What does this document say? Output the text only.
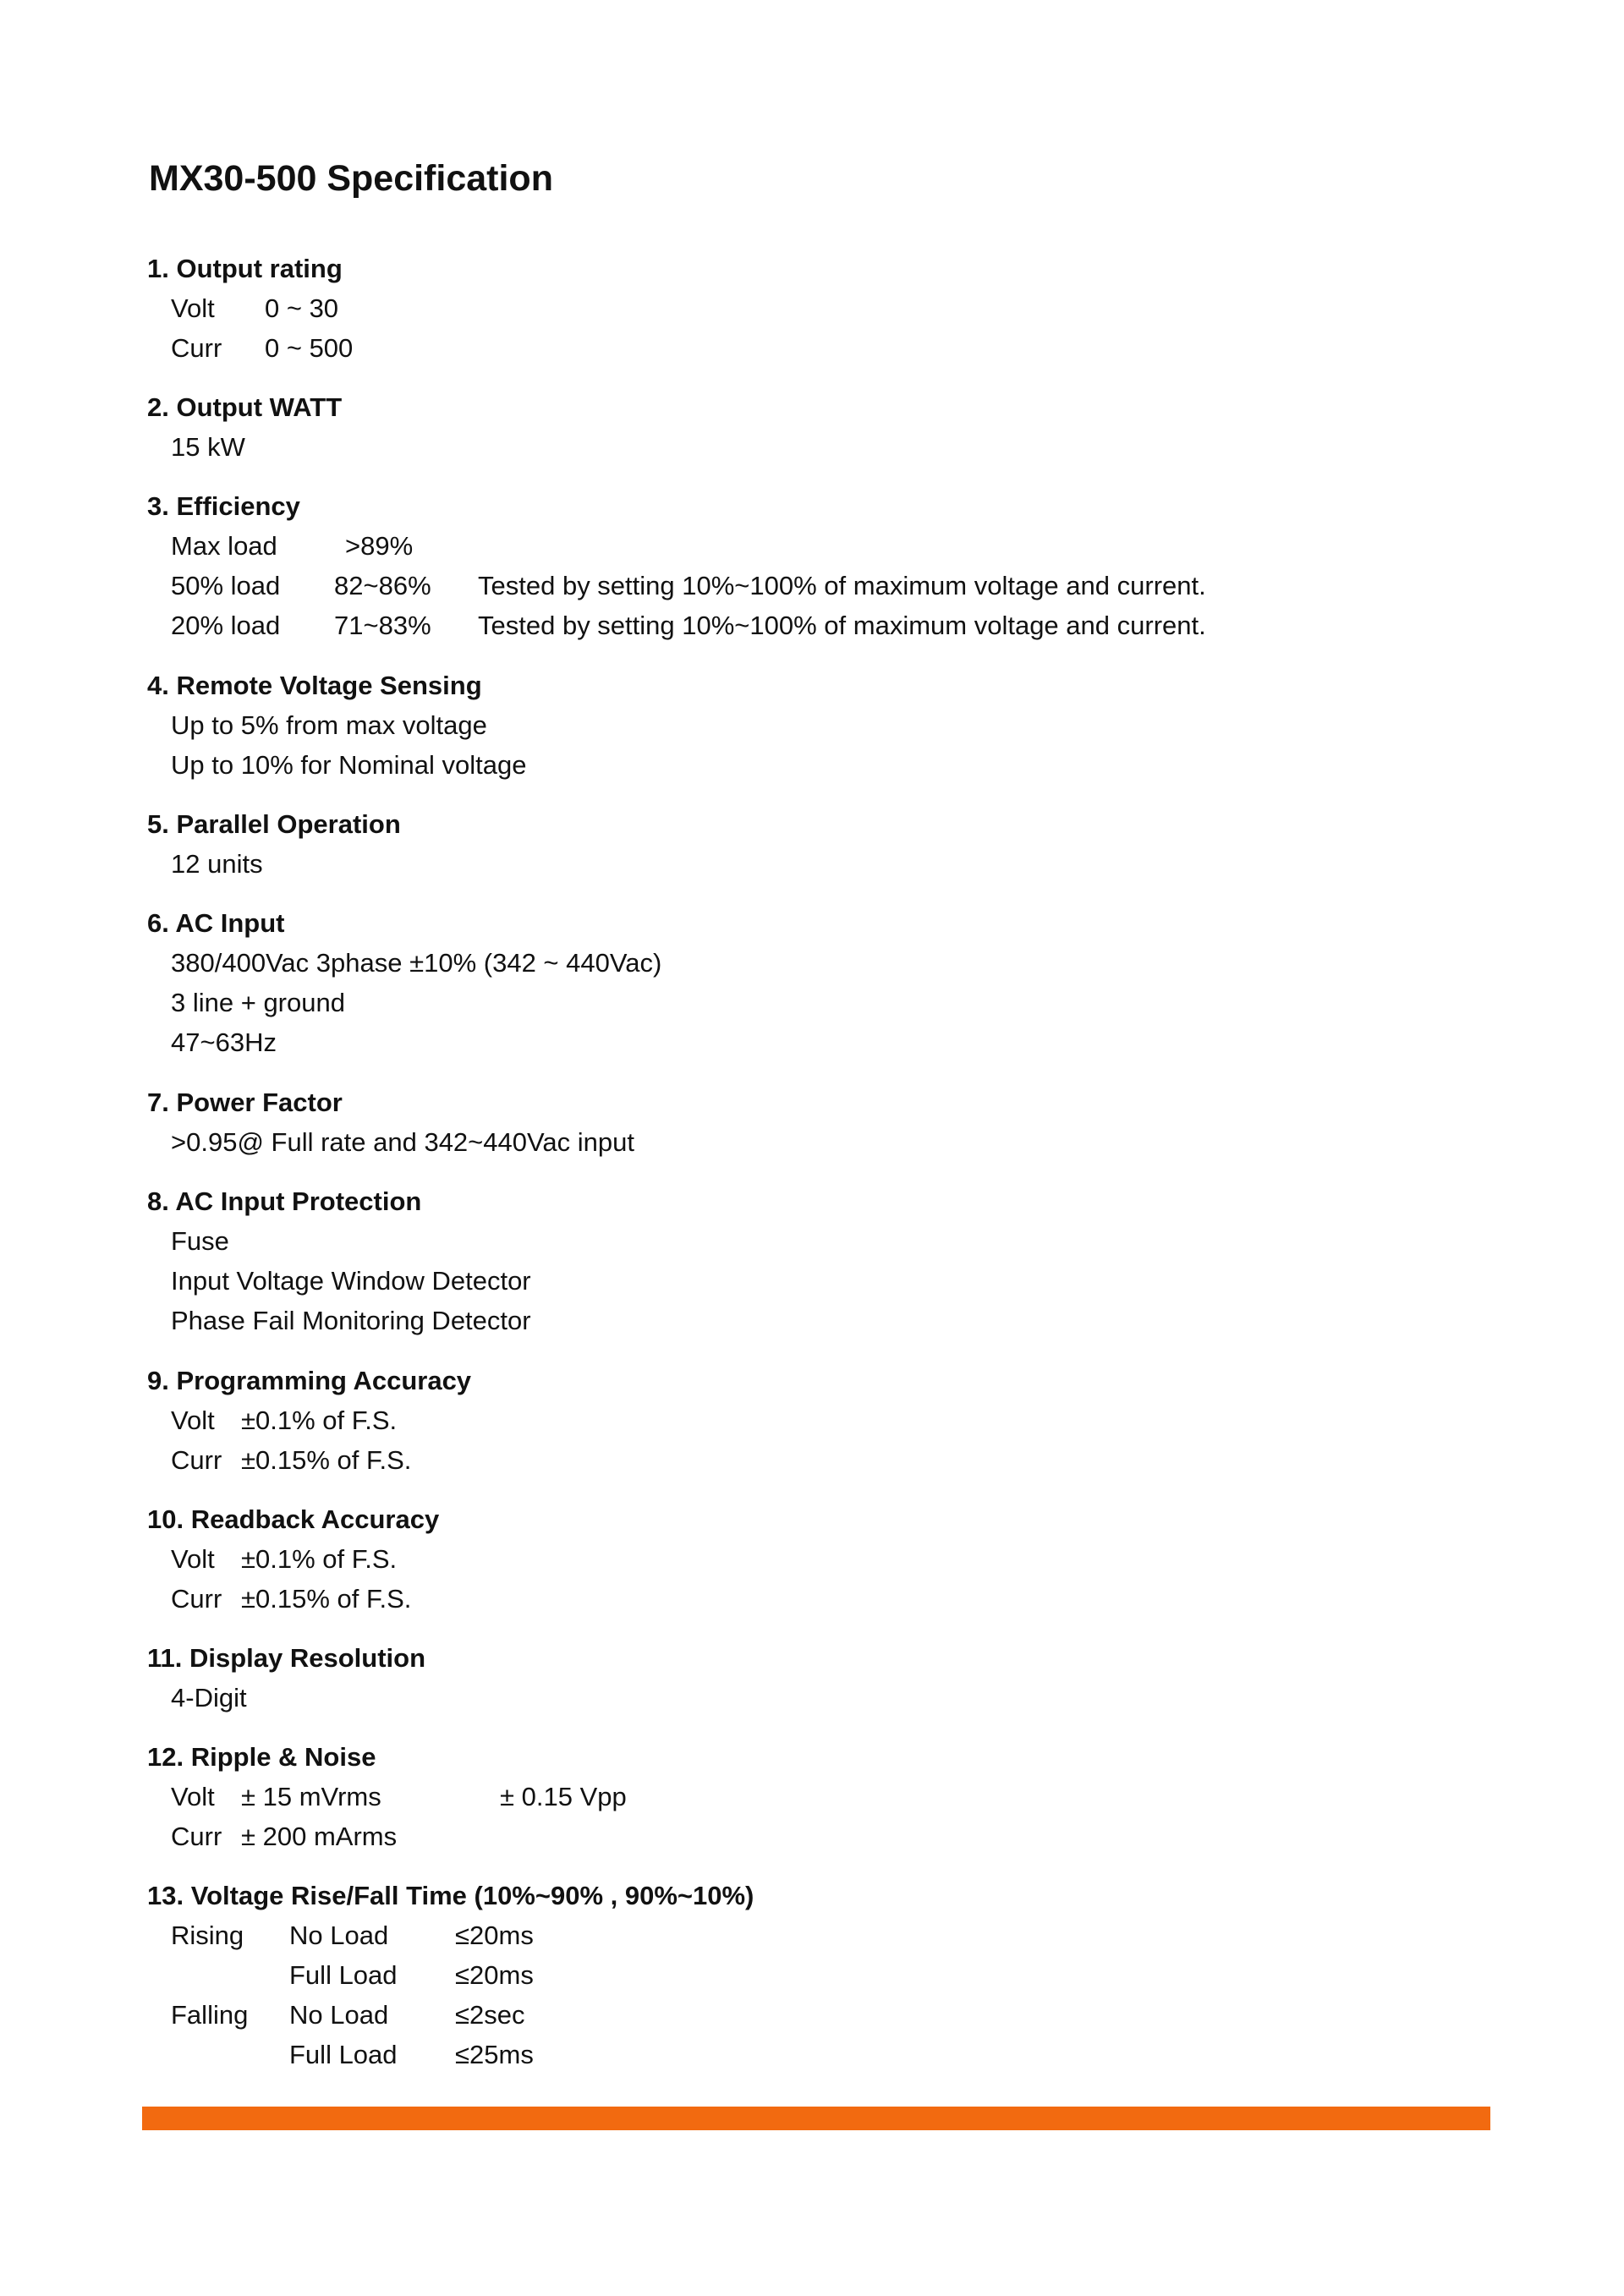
MX30-500 Specification
1. Output rating
Volt 0 ~ 30
Curr 0 ~ 500
2. Output WATT
15 kW
3. Efficiency
Max load	>89%
50% load 82~86% Tested by setting 10%~100% of maximum voltage and current.
20% load 71~83% Tested by setting 10%~100% of maximum voltage and current.
4. Remote Voltage Sensing
Up to 5% from max voltage
Up to 10% for Nominal voltage
5. Parallel Operation
12 units
6. AC Input
380/400Vac 3phase ±10% (342 ~ 440Vac)
3 line + ground
47~63Hz
7. Power Factor
>0.95@ Full rate and 342~440Vac input
8. AC Input Protection
Fuse
Input Voltage Window Detector
Phase Fail Monitoring Detector
9. Programming Accuracy
Volt ±0.1% of F.S.
Curr ±0.15% of F.S.
10. Readback Accuracy
Volt ±0.1% of F.S.
Curr ±0.15% of F.S.
11. Display Resolution
4-Digit
12. Ripple & Noise
Volt ± 15 mVrms	± 0.15 Vpp
Curr ± 200 mArms
13. Voltage Rise/Fall Time (10%~90% , 90%~10%)
Rising No Load	≤20ms
Full Load ≤20ms
Falling No Load	≤2sec
Full Load ≤25ms
